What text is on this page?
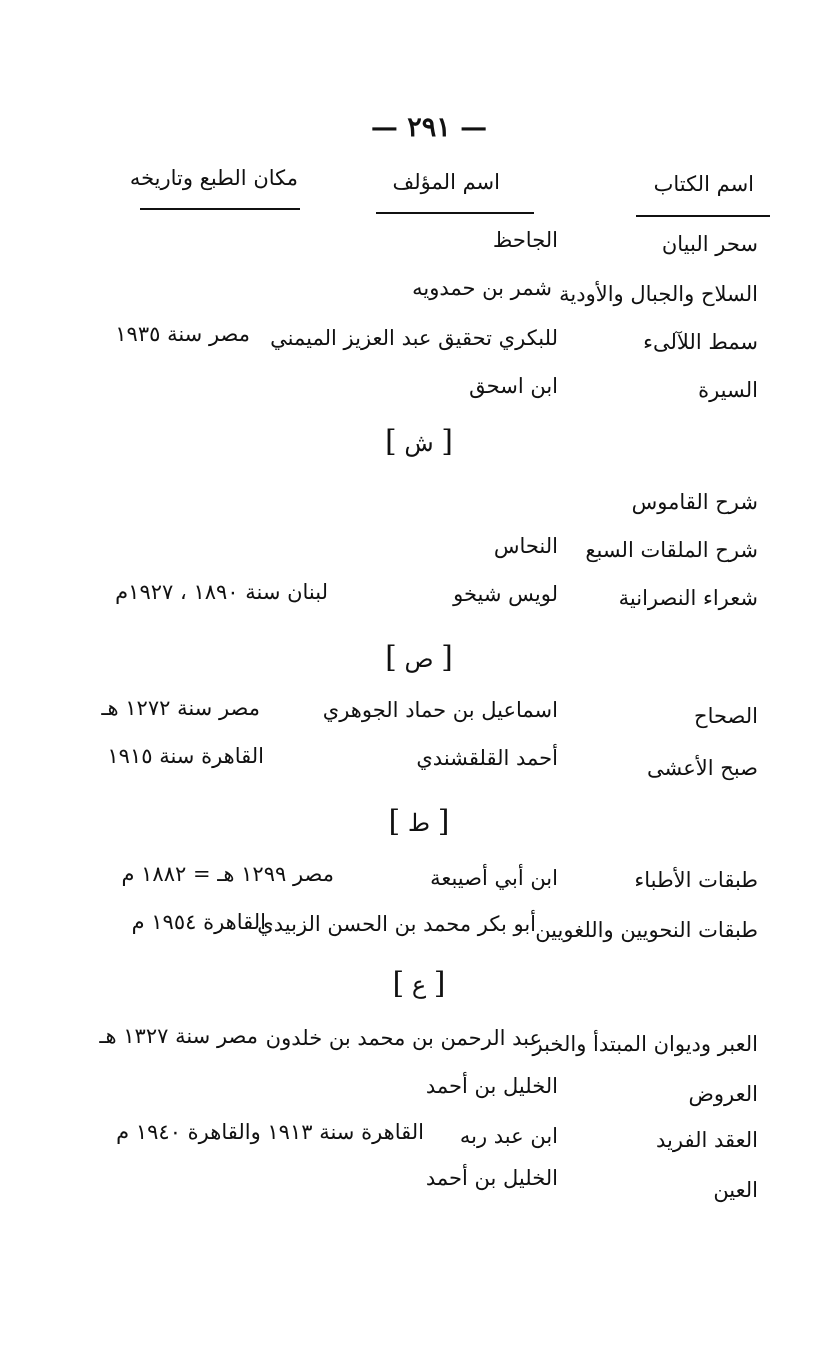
— ٢٩١ —
اسم الكتاب
اسم المؤلف
مكان الطبع وتاريخه
سحر البيان
الجاحظ
السلاح والجبال والأودية
شمر بن حمدويه
سمط اللآلىء
للبكري تحقيق عبد العزيز الميمني
مصر سنة ١٩٣٥
السيرة
ابن اسحق
[ ش ]
شرح القاموس
شرح الملقات السبع
النحاس
شعراء النصرانية
لويس شيخو
لبنان سنة ١٨٩٠ ، ١٩٢٧م
[ ص ]
الصحاح
اسماعيل بن حماد الجوهري
مصر سنة ١٢٧٢ هـ
صبح الأعشى
أحمد القلقشندي
القاهرة سنة ١٩١٥
[ ط ]
طبقات الأطباء
ابن أبي أصيبعة
مصر ١٢٩٩ هـ = ١٨٨٢ م
طبقات النحويين واللغويين
أبو بكر محمد بن الحسن الزبيدي
القاهرة ١٩٥٤ م
[ ع ]
العبر وديوان المبتدأ والخبر
عبد الرحمن بن محمد بن خلدون
مصر سنة ١٣٢٧ هـ
العروض
الخليل بن أحمد
العقد الفريد
ابن عبد ربه
القاهرة سنة ١٩١٣ والقاهرة ١٩٤٠ م
العين
الخليل بن أحمد
